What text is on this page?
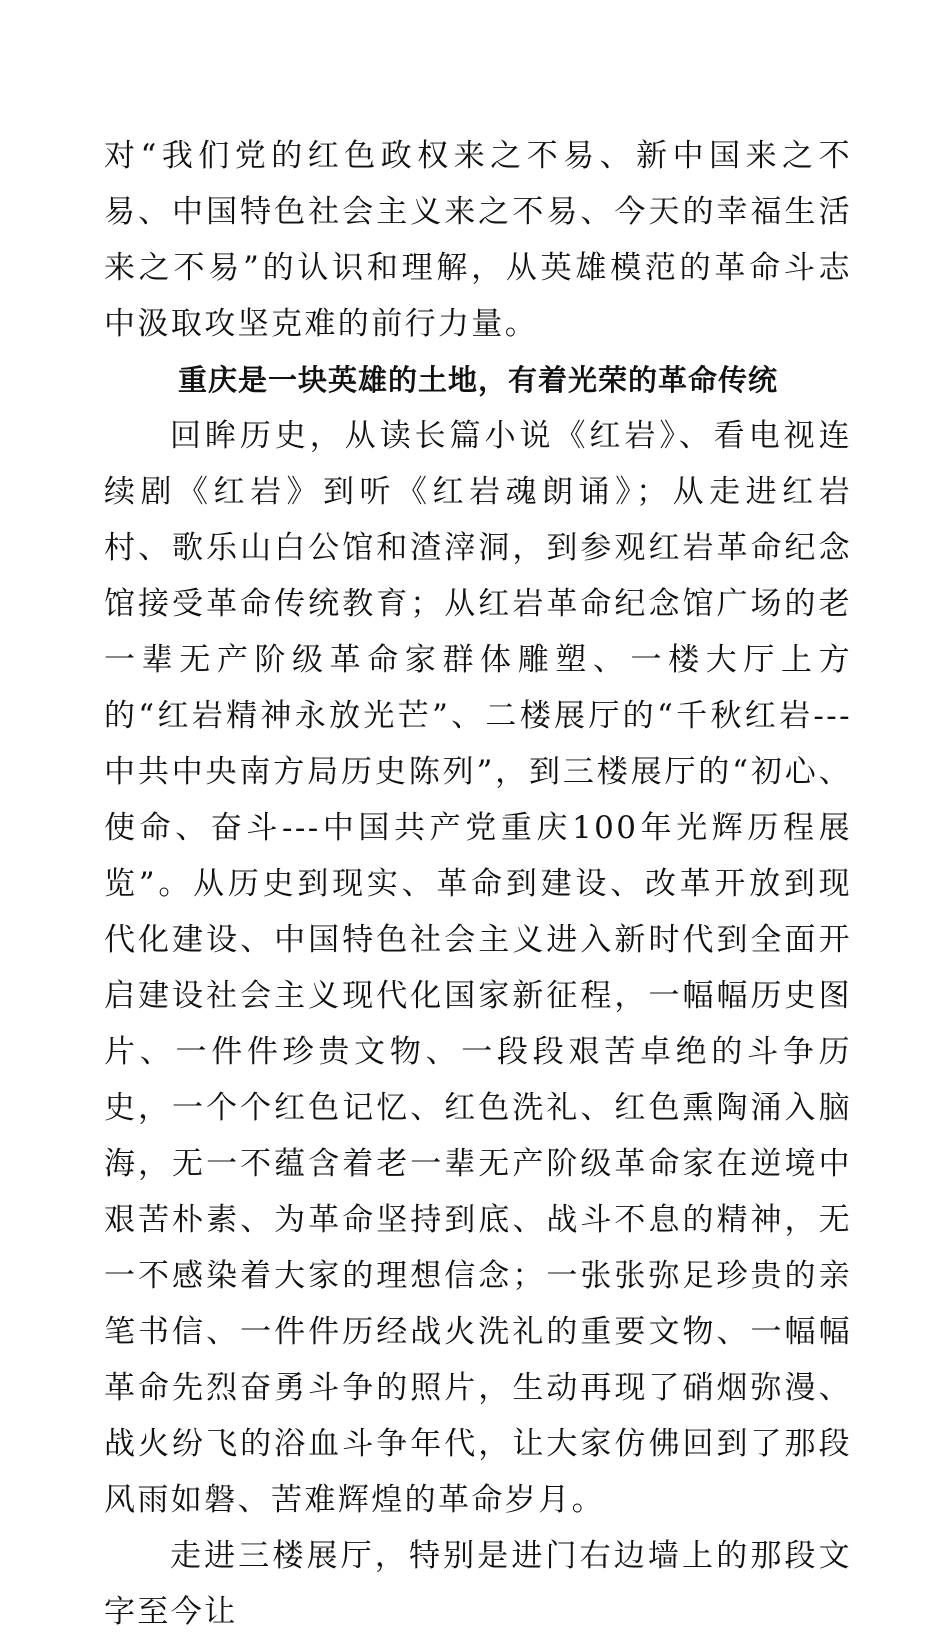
对“我们党的红色政权来之不易、新中国来之不易、中国特色社会主义来之不易、今天的幸福生活来之不易”的认识和理解，从英雄模范的革命斗志中汲取攻坚克难的前行力量。

重庆是一块英雄的土地，有着光荣的革命传统

回眸历史，从读长篇小说《红岩》、看电视连续剧《红岩》到听《红岩魂朗诵》；从走进红岩村、歌乐山白公馆和渣滓洞，到参观红岩革命纪念馆接受革命传统教育；从红岩革命纪念馆广场的老一辈无产阶级革命家群体雕塑、一楼大厅上方的“红岩精神永放光芒”、二楼展厅的“千秋红岩---中共中央南方局历史陈列”，到三楼展厅的“初心、使命、奋斗---中国共产党重庆100年光辉历程展览”。从历史到现实、革命到建设、改革开放到现代化建设、中国特色社会主义进入新时代到全面开启建设社会主义现代化国家新征程，一幅幅历史图片、一件件珍贵文物、一段段艰苦卓绝的斗争历史，一个个红色记忆、红色洗礼、红色熏陶涌入脑海，无一不蕴含着老一辈无产阶级革命家在逆境中艰苦朴素、为革命坚持到底、战斗不息的精神，无一不感染着大家的理想信念；一张张弥足珍贵的亲笔书信、一件件历经战火洗礼的重要文物、一幅幅革命先烈奋勇斗争的照片，生动再现了硝烟弥漫、战火纷飞的浴血斗争年代，让大家仿佛回到了那段风雨如磐、苦难辉煌的革命岁月。

走进三楼展厅，特别是进门右边墙上的那段文字至今让
